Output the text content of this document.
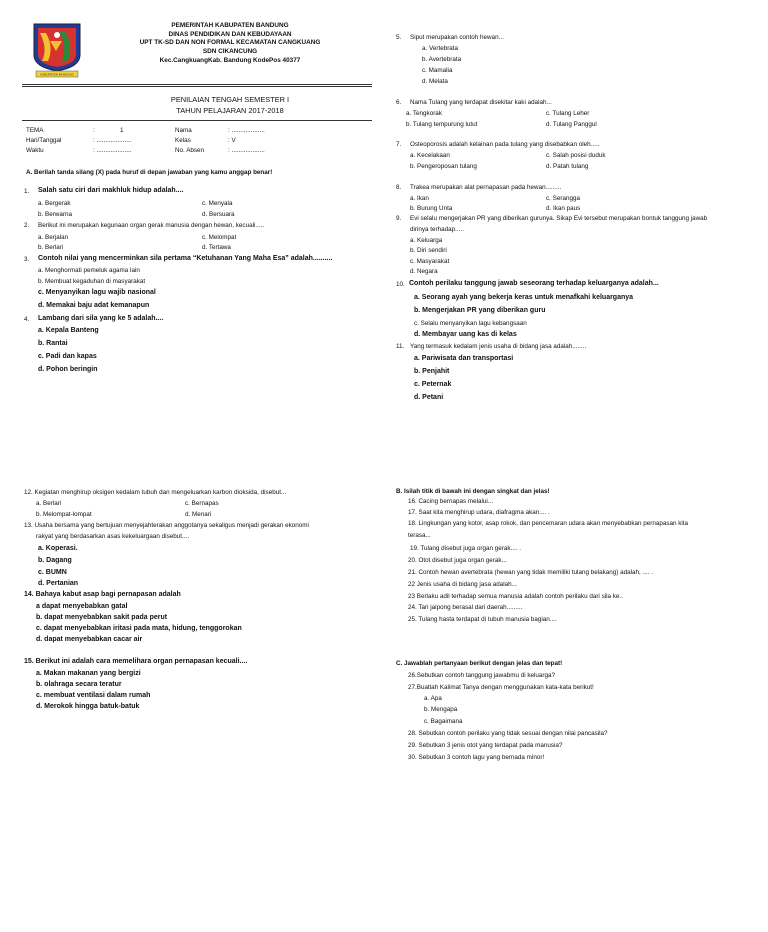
KABUPATEN BANDUNG
PEMERINTAH KABUPATEN BANDUNG
DINAS PENDIDIKAN DAN KEBUDAYAAN
UPT TK-SD DAN NON FORMAL KECAMATAN CANGKUANG
SDN CIKANCUNG
Kec.CangkuangKab. Bandung KodePos 40377
PENILAIAN TENGAH SEMESTER I
TAHUN PELAJARAN 2017-2018
TEMA	:	1
Hari/Tanggal	: ....................
Waktu	: ....................
Nama	: ...................
Kelas	: V
No. Absen	: ...................
A. Berilah tanda silang (X) pada huruf di depan jawaban yang kamu anggap benar!
1. Salah satu ciri dari makhluk hidup adalah....
a. Bergerak
b. Berwarna
c. Menyala
d. Bersuara
2. Berikut ini merupakan kegunaan organ gerak manusia dengan hewan, kecuali.....
a. Berjalan
b. Berlari
c. Melompat
d. Tertawa
3. Contoh nilai yang mencerminkan sila pertama “Ketuhanan Yang Maha Esa” adalah..........
a. Menghormati pemeluk agama lain
b. Membuat kegaduhan di masyarakat
c. Menyanyikan lagu wajib nasional
d. Memakai baju adat kemanapun
4. Lambang dari sila yang ke 5 adalah....
a. Kepala Banteng
b. Rantai
c. Padi dan kapas
d. Pohon beringin
5. Siput merupakan contoh hewan...
a. Vertebrata
b. Avertebrata
c. Mamalia
d. Melata
6. Nama Tulang yang terdapat disekitar kaki adalah...
a. Tengkorak
b. Tulang tempurung lutut
c. Tulang Leher
d. Tulang Panggul
7. Osteoporosis adalah kelainan pada tulang yang disebabkan oleh.....
a. Kecelakaan
b. Pengeroposan tulang
c. Salah posisi duduk
d. Patah tulang
8. Trakea merupakan alat pernapasan pada hewan.........
a. Ikan
b. Burung Unta
c. Serangga
d. Ikan paus
9. Evi selalu mengerjakan PR yang diberikan gurunya. Sikap Evi tersebut merupakan bontuk tanggung jawab
dirinya terhadap.....
a. Keluarga
b. Diri sendiri
c. Masyarakat
d. Negara
10. Contoh perilaku tanggung jawab seseorang terhadap keluarganya adalah...
a. Seorang ayah yang bekerja keras untuk menafkahi keluarganya
b. Mengerjakan PR yang diberikan guru
c. Selalu menyanyikan lagu kebangsaan
d. Membayar uang kas di kelas
11. Yang termasuk kedalam jenis usaha di bidang jasa adalah........
a. Pariwisata dan transportasi
b. Penjahit
c. Peternak
d. Petani
12. Kegiatan menghirup oksigen kedalam tubuh dan mengeluarkan karbon dioksida, disebut...
a. Berlari
b. Melompat-lompat
c. Bernapas
d. Menari
13. Usaha bersama yang bertujuan menyejahterakan anggotanya sekaligus menjadi gerakan ekonomi
rakyat yang berdasarkan asas kekeluargaan disebut....
a. Koperasi.
b. Dagang
c. BUMN
d. Pertanian
14. Bahaya kabut asap bagi pernapasan adalah
a dapat menyebabkan gatal
b. dapat menyebabkan sakit pada perut
c. dapat menyebabkan iritasi pada mata, hidung, tenggorokan
d. dapat menyebabkan cacar air
15. Berikut ini adalah cara memelihara organ pernapasan kecuali....
a. Makan makanan yang bergizi
b. olahraga secara teratur
c. membuat ventilasi dalam rumah
d. Merokok hingga batuk-batuk
B. Isilah titik di bawah ini dengan singkat dan jelas!
16. Cacing bernapas melalui...
17. Saat kita menghirup udara, diafragma akan.... .
18. Lingkungan yang kotor, asap rokok, dan pencemaran udara akan menyebabkan pernapasan kita
terasa...
19. Tulang disebut juga organ gerak.... .
20. Otot disebut juga organ gerak...
21. Contoh hewan avertebrata (hewan yang tidak memiliki tulang belakang) adalah, .... .
22 Jenis usaha di bidang jasa adalah...
23 Berlaku adil terhadap semua manusia adalah contoh perilaku dari sila ke..
24. Tari jaipong berasal dari daerah.........
25. Tulang hasta terdapat di tubuh manusia bagian....
C. Jawablah pertanyaan berikut dengan jelas dan tepat!
26.Sebutkan contoh tanggung jawabmu di keluarga?
27.Buatlah Kalimat Tanya dengan menggunakan kata-kata berikut!
a. Apa
b. Mengapa
c. Bagaimana
28. Sebutkan contoh perilaku yang tidak sesuai dengan nilai pancasila?
29. Sebutkan 3 jenis otot yang terdapat pada manusia?
30. Sebutkan 3 contoh lagu yang bernada minor!
